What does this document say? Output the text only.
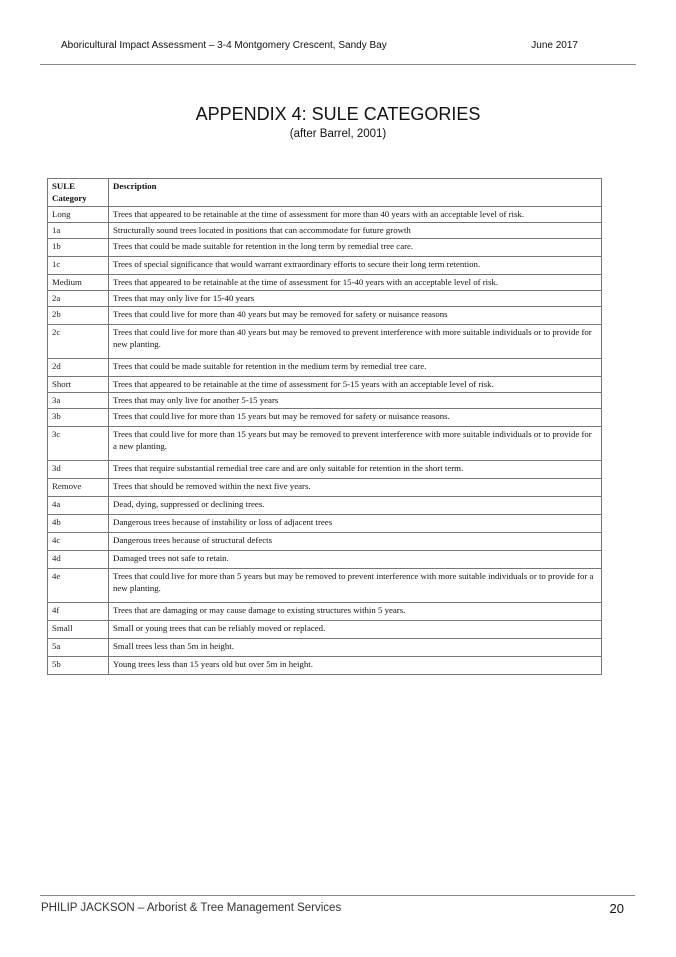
Aboricultural Impact Assessment – 3-4 Montgomery Crescent, Sandy Bay	June 2017
APPENDIX 4: SULE CATEGORIES
(after Barrel, 2001)
SULE Category	Description
Long	Trees that appeared to be retainable at the time of assessment for more than 40 years with an acceptable level of risk.
1a	Structurally sound trees located in positions that can accommodate for future growth
1b	Trees that could be made suitable for retention in the long term by remedial tree care.
1c	Trees of special significance that would warrant extraordinary efforts to secure their long term retention.
Medium	Trees that appeared to be retainable at the time of assessment for 15-40 years with an acceptable level of risk.
2a	Trees that may only live for 15-40 years
2b	Trees that could live for more than 40 years but may be removed for safety or nuisance reasons
2c	Trees that could live for more than 40 years but may be removed to prevent interference with more suitable individuals or to provide for new planting.
2d	Trees that could be made suitable for retention in the medium term by remedial tree care.
Short	Trees that appeared to be retainable at the time of assessment for 5-15 years with an acceptable level of risk.
3a	Trees that may only live for another 5-15 years
3b	Trees that could live for more than 15 years but may be removed for safety or nuisance reasons.
3c	Trees that could live for more than 15 years but may be removed to prevent interference with more suitable individuals or to provide for a new planting.
3d	Trees that require substantial remedial tree care and are only suitable for retention in the short term.
Remove	Trees that should be removed within the next five years.
4a	Dead, dying, suppressed or declining trees.
4b	Dangerous trees because of instability or loss of adjacent trees
4c	Dangerous trees because of structural defects
4d	Damaged trees not safe to retain.
4e	Trees that could live for more than 5 years but may be removed to prevent interference with more suitable individuals or to provide for a new planting.
4f	Trees that are damaging or may cause damage to existing structures within 5 years.
Small	Small or young trees that can be reliably moved or replaced.
5a	Small trees less than 5m in height.
5b	Young trees less than 15 years old but over 5m in height.
PHILIP JACKSON – Arborist & Tree Management Services	20
